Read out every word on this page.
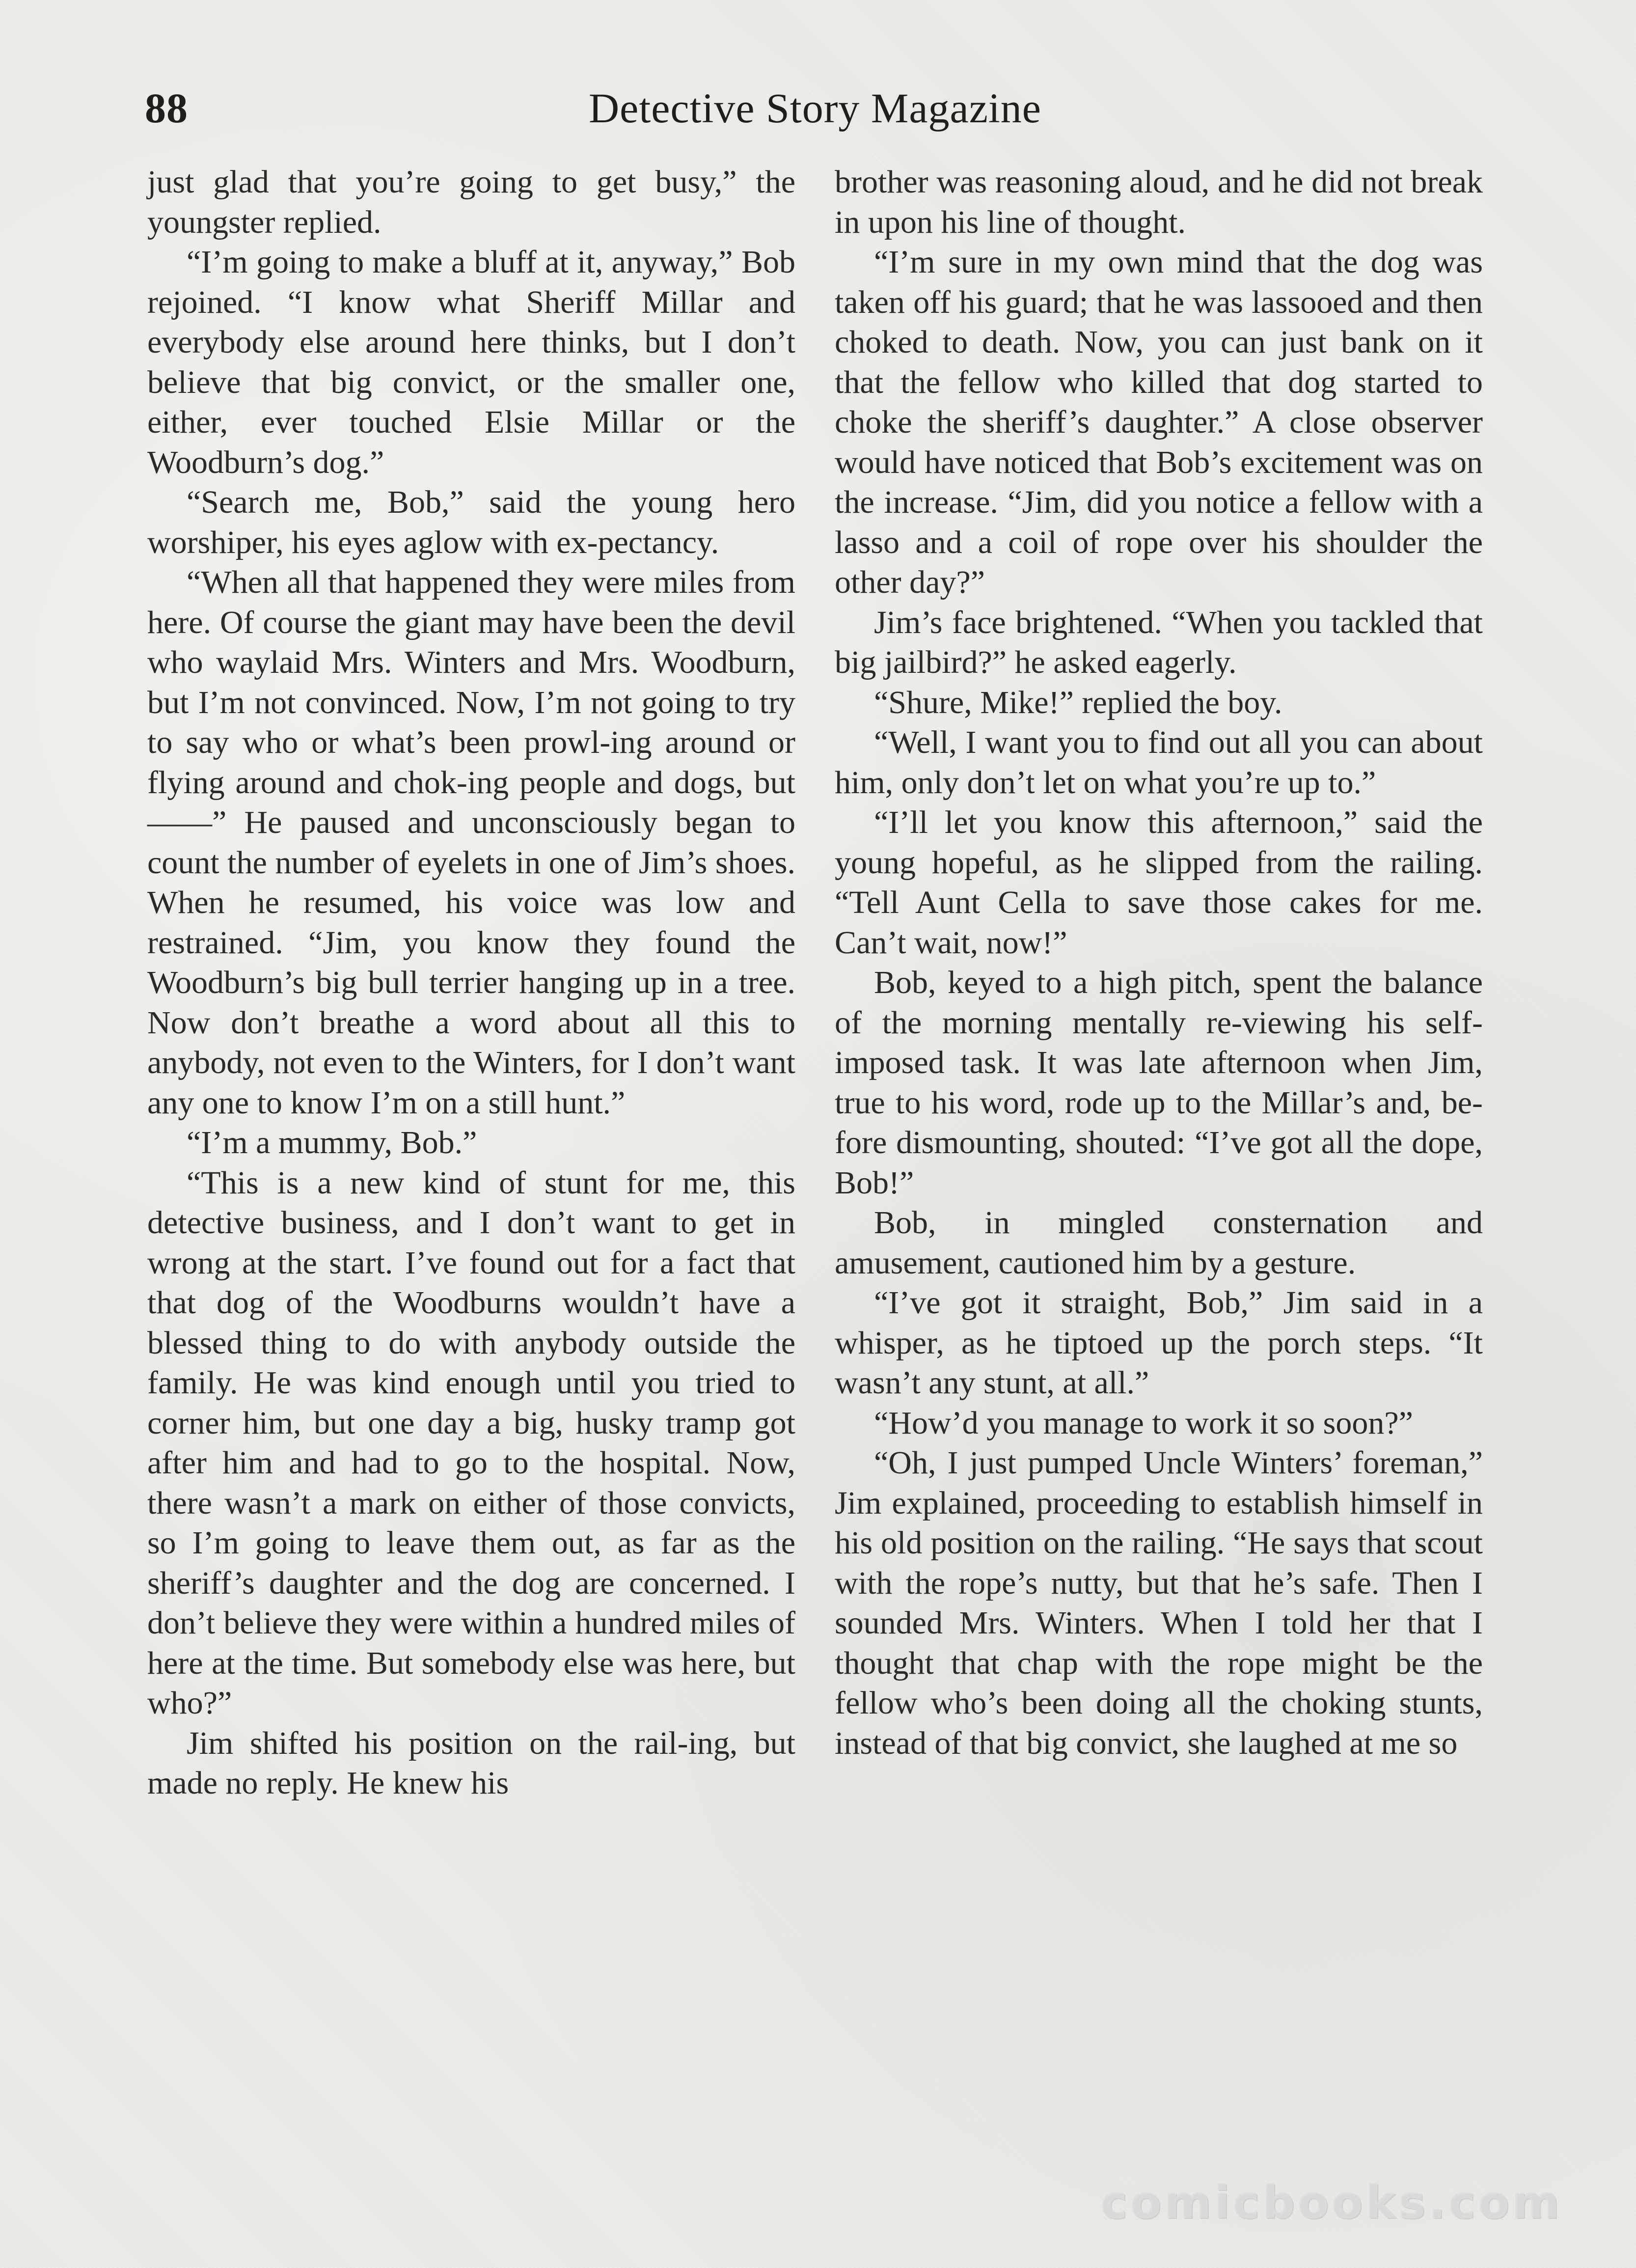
88	Detective Story Magazine

just glad that you’re going to get busy,” the youngster replied.

“I’m going to make a bluff at it, anyway,” Bob rejoined. “I know what Sheriff Millar and everybody else around here thinks, but I don’t believe that big convict, or the smaller one, either, ever touched Elsie Millar or the Woodburn’s dog.”

“Search me, Bob,” said the young hero worshiper, his eyes aglow with ex-pectancy.

“When all that happened they were miles from here. Of course the giant may have been the devil who waylaid Mrs. Winters and Mrs. Woodburn, but I’m not convinced. Now, I’m not going to try to say who or what’s been prowl-ing around or flying around and chok-ing people and dogs, but——” He paused and unconsciously began to count the number of eyelets in one of Jim’s shoes. When he resumed, his voice was low and restrained. “Jim, you know they found the Woodburn’s big bull terrier hanging up in a tree. Now don’t breathe a word about all this to anybody, not even to the Winters, for I don’t want any one to know I’m on a still hunt.”

“I’m a mummy, Bob.”

“This is a new kind of stunt for me, this detective business, and I don’t want to get in wrong at the start. I’ve found out for a fact that that dog of the Woodburns wouldn’t have a blessed thing to do with anybody outside the family. He was kind enough until you tried to corner him, but one day a big, husky tramp got after him and had to go to the hospital. Now, there wasn’t a mark on either of those convicts, so I’m going to leave them out, as far as the sheriff’s daughter and the dog are concerned. I don’t believe they were within a hundred miles of here at the time. But somebody else was here, but who?”

Jim shifted his position on the rail-ing, but made no reply. He knew his

brother was reasoning aloud, and he did not break in upon his line of thought.

“I’m sure in my own mind that the dog was taken off his guard; that he was lassooed and then choked to death. Now, you can just bank on it that the fellow who killed that dog started to choke the sheriff’s daughter.” A close observer would have noticed that Bob’s excitement was on the increase. “Jim, did you notice a fellow with a lasso and a coil of rope over his shoulder the other day?”

Jim’s face brightened. “When you tackled that big jailbird?” he asked eagerly.

“Shure, Mike!” replied the boy.

“Well, I want you to find out all you can about him, only don’t let on what you’re up to.”

“I’ll let you know this afternoon,” said the young hopeful, as he slipped from the railing. “Tell Aunt Cella to save those cakes for me. Can’t wait, now!”

Bob, keyed to a high pitch, spent the balance of the morning mentally re-viewing his self-imposed task. It was late afternoon when Jim, true to his word, rode up to the Millar’s and, be-fore dismounting, shouted: “I’ve got all the dope, Bob!”

Bob, in mingled consternation and amusement, cautioned him by a gesture.

“I’ve got it straight, Bob,” Jim said in a whisper, as he tiptoed up the porch steps. “It wasn’t any stunt, at all.”

“How’d you manage to work it so soon?”

“Oh, I just pumped Uncle Winters’ foreman,” Jim explained, proceeding to establish himself in his old position on the railing. “He says that scout with the rope’s nutty, but that he’s safe. Then I sounded Mrs. Winters. When I told her that I thought that chap with the rope might be the fellow who’s been doing all the choking stunts, instead of that big convict, she laughed at me so

comicbooks.com
